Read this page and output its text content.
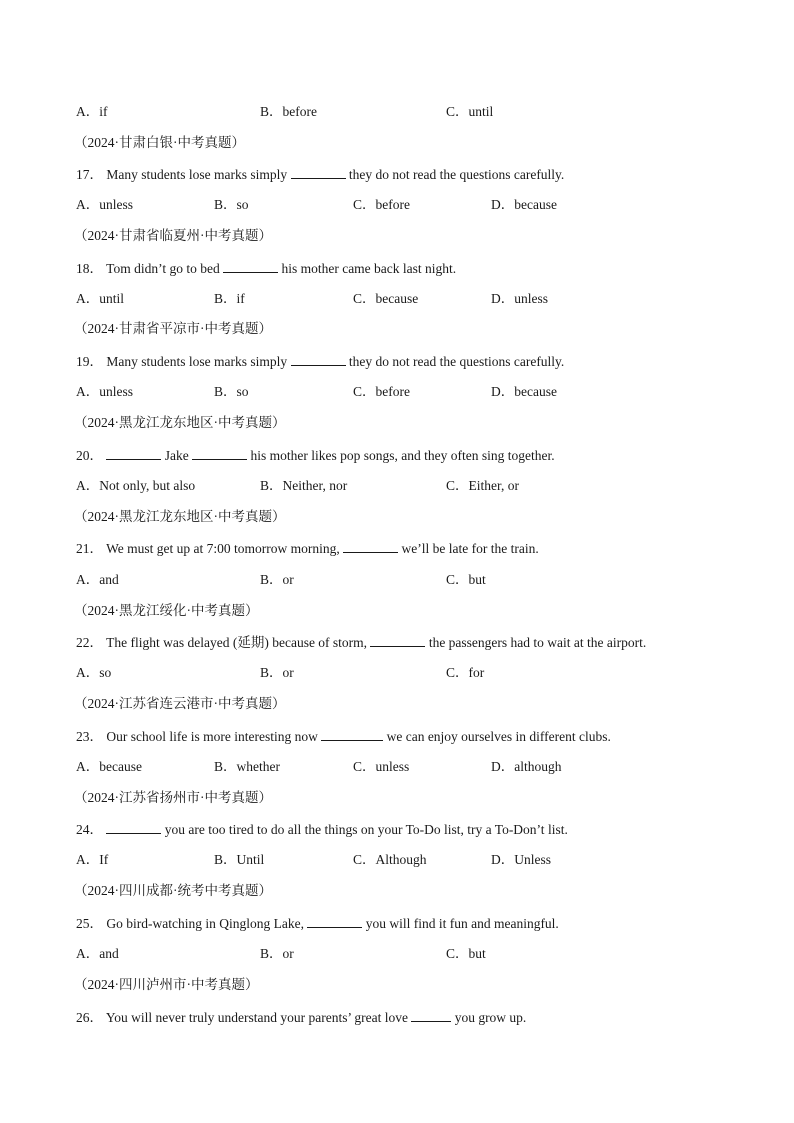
A．if	B．before	C．until
（2024·甘肃白银·中考真题）
17． Many students lose marks simply	they do not read the questions carefully.
A．unless	B．so	C．before	D．because
（2024·甘肃省临夏州·中考真题）
18． Tom didn’t go to bed	his mother came back last night.
A．until	B．if	C．because	D．unless
（2024·甘肃省平凉市·中考真题）
19． Many students lose marks simply	they do not read the questions carefully.
A．unless	B．so	C．before	D．because
（2024·黑龙江龙东地区·中考真题）
20．	Jake	his mother likes pop songs, and they often sing together.
A．Not only, but also	B．Neither, nor	C．Either, or
（2024·黑龙江龙东地区·中考真题）
21． We must get up at 7:00 tomorrow morning,	we’ll be late for the train.
A．and	B．or	C．but
（2024·黑龙江绥化·中考真题）
22． The flight was delayed (延期) because of storm,	the passengers had to wait at the airport.
A．so	B．or	C．for
（2024·江苏省连云港市·中考真题）
23． Our school life is more interesting now	we can enjoy ourselves in different clubs.
A．because	B．whether	C．unless	D．although
（2024·江苏省扬州市·中考真题）
24．	you are too tired to do all the things on your To-Do list, try a To-Don’t list.
A．If	B．Until	C．Although	D．Unless
（2024·四川成都·统考中考真题）
25． Go bird-watching in Qinglong Lake,	you will find it fun and meaningful.
A．and	B．or	C．but
（2024·四川泸州市·中考真题）
26． You will never truly understand your parents’ great love	you grow up.
